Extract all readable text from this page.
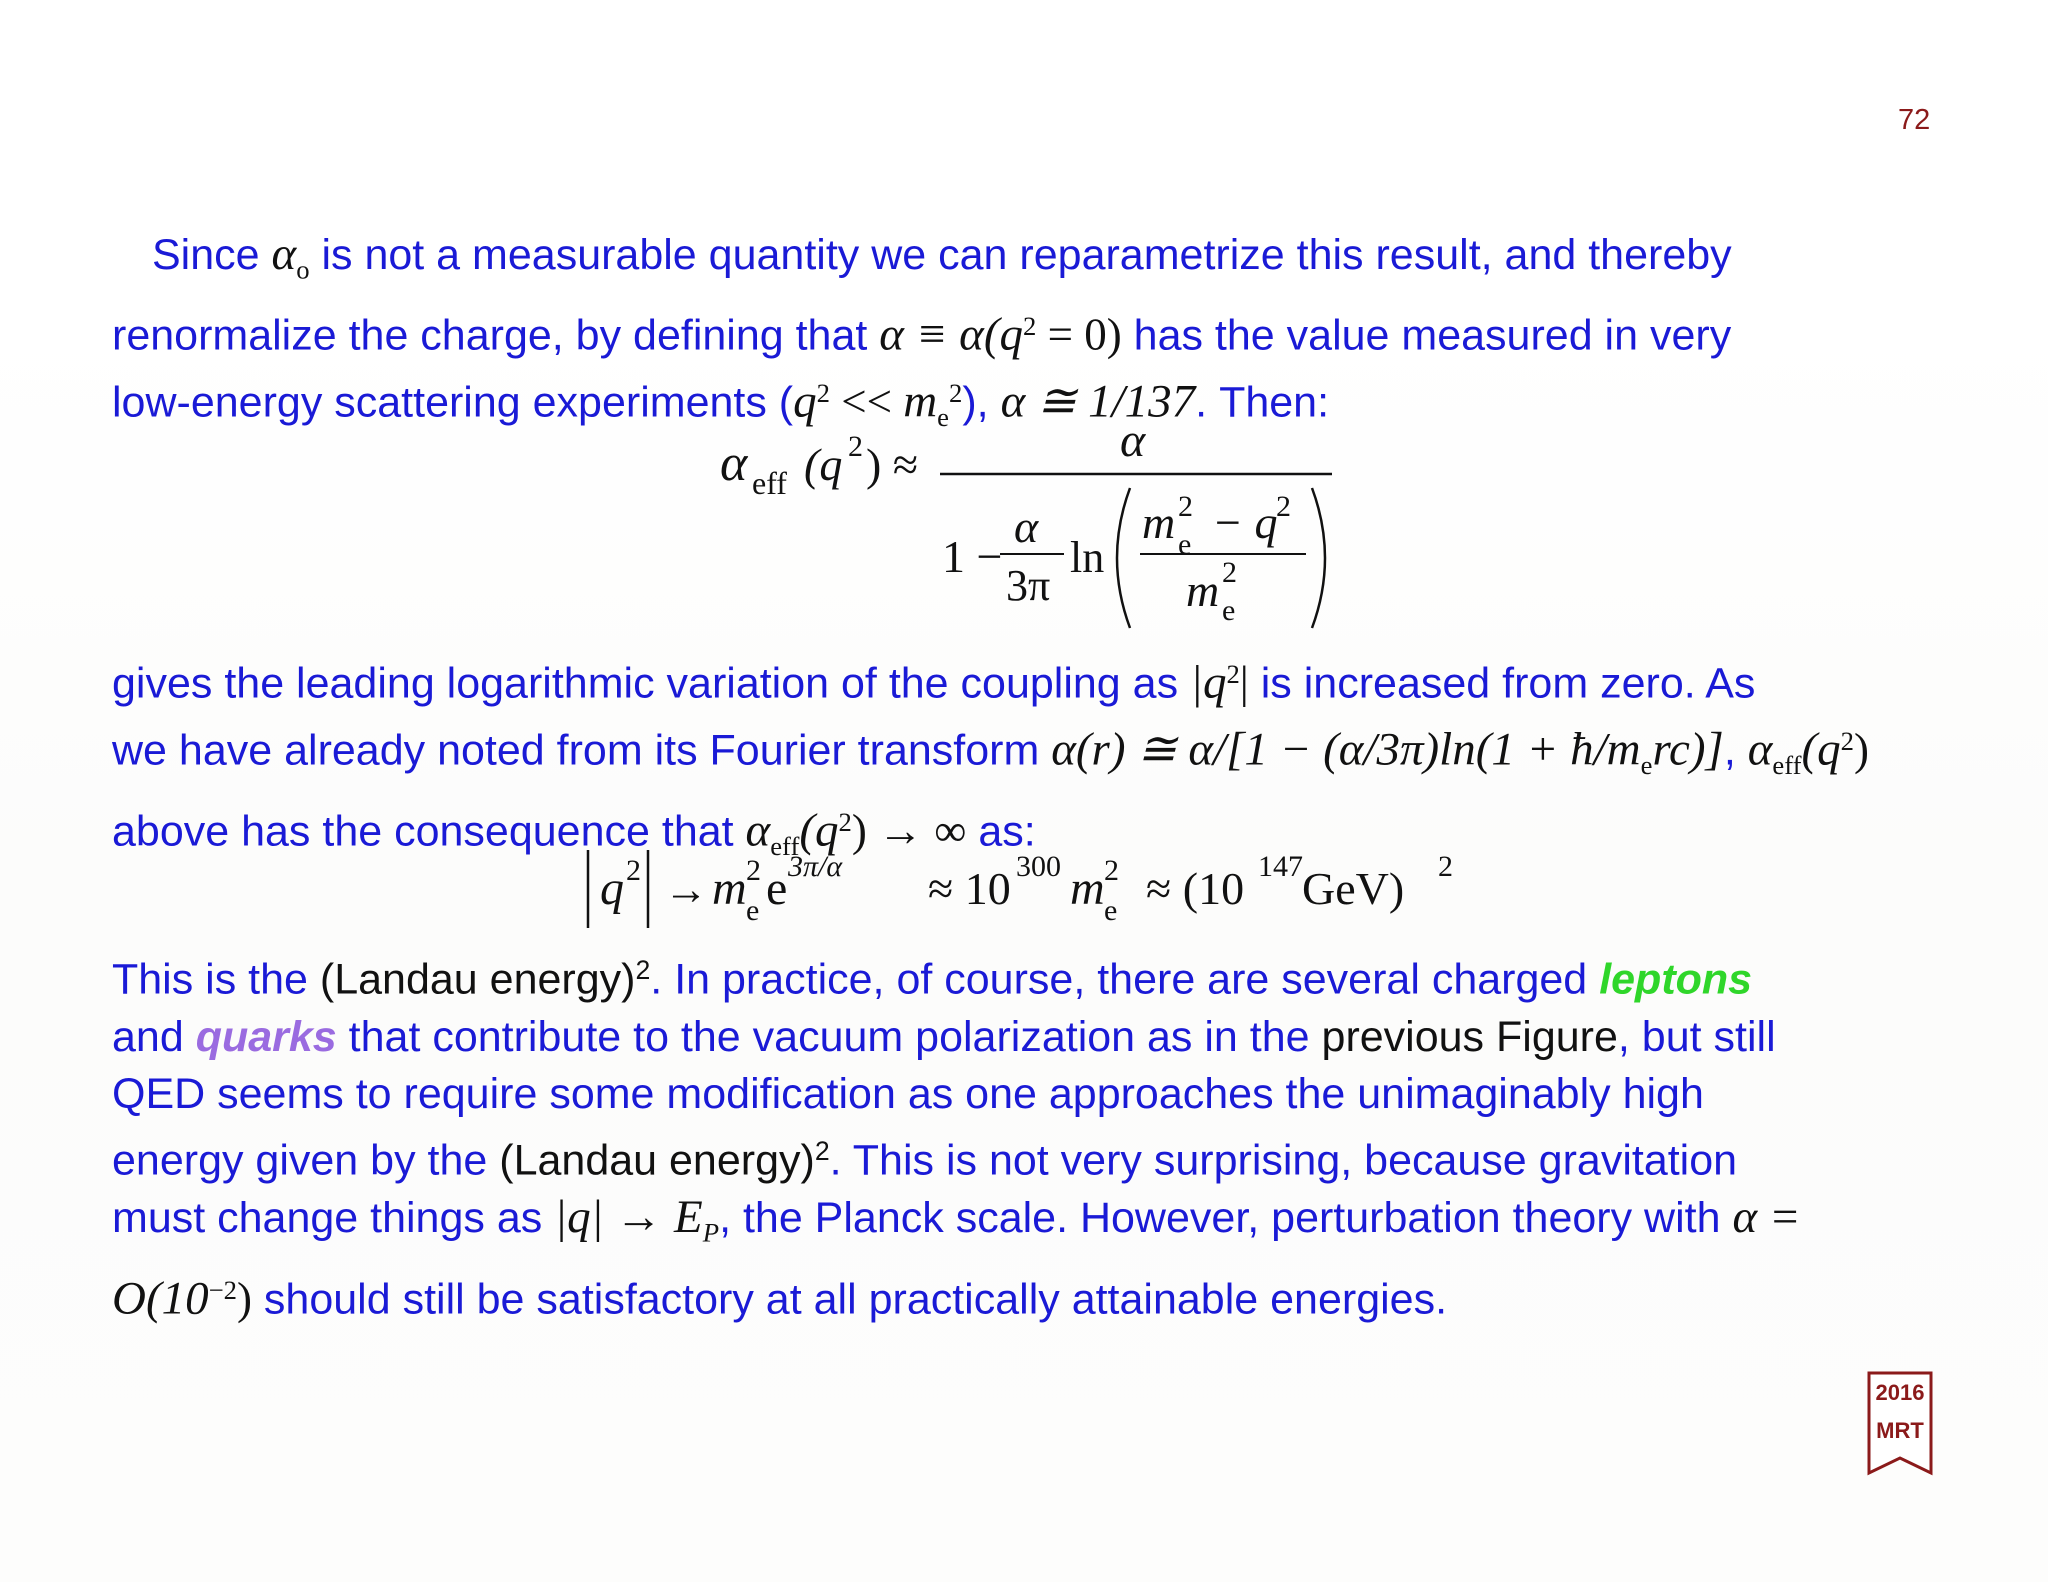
72
Since $\alpha_o$ is not a measurable quantity we can reparametrize this result, and thereby
renormalize the charge, by defining that $\alpha \equiv \alpha(q^2 = 0)$ has the value measured in very
low-energy scattering experiments $(q^2 << m_e^2)$, α ≅ 1/137. Then:
α eff (q 2 ) ≈	α
1 −
α
3π
ln
m e
2 − q
2
m e
2
gives the leading logarithmic variation of the coupling as $|q^2|$ is increased from zero. As
we have already noted from its Fourier transform α(r) ≅ $\alpha/[1 - (\alpha/3\pi)\ln(1 + ħ/m_erc)]$, $\alpha_{eff}(q^2)$
above has the consequence that $\alpha_{eff}(q^2)$ → ∞ as:
q 2 → m e
2 e 3π/α ≈ 10 300 m e
2 ≈ (10 147 GeV) 2
This is the (Landau energy)$^2$. In practice, of course, there are several charged leptons
and quarks that contribute to the vacuum polarization as in the previous Figure, but still
QED seems to require some modification as one approaches the unimaginably high
energy given by the (Landau energy)$^2$. This is not very surprising, because gravitation
must change things as $|q| \to E_P$, the Planck scale. However, perturbation theory with α =
$O(10^{-2})$ should still be satisfactory at all practically attainable energies.
2016
MRT
